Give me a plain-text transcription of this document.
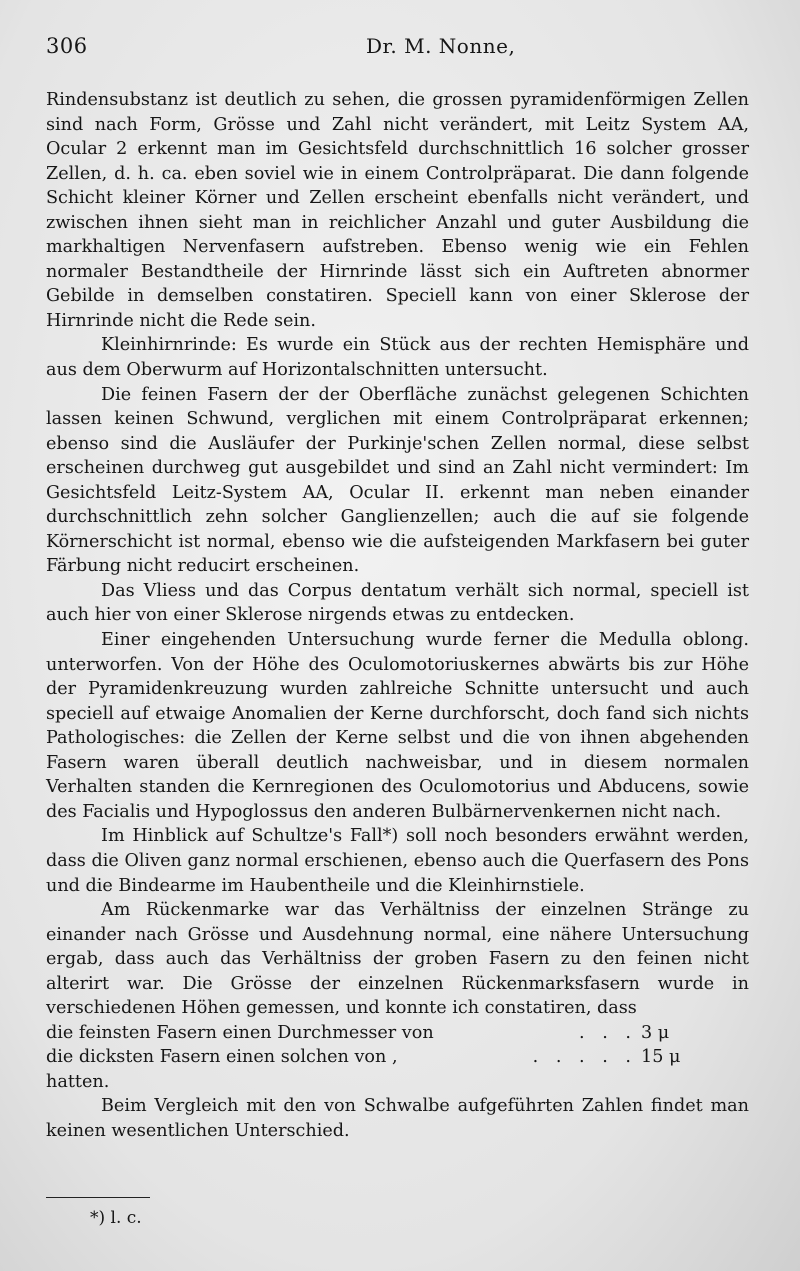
306	Dr. M. Nonne,

Rindensubstanz ist deutlich zu sehen, die grossen pyramidenförmigen Zellen sind nach Form, Grösse und Zahl nicht verändert, mit Leitz System AA, Ocular 2 erkennt man im Gesichtsfeld durchschnittlich 16 solcher grosser Zellen, d. h. ca. eben soviel wie in einem Controlpräparat. Die dann folgende Schicht kleiner Körner und Zellen erscheint ebenfalls nicht verändert, und zwischen ihnen sieht man in reichlicher Anzahl und guter Ausbildung die markhaltigen Nervenfasern aufstreben. Ebenso wenig wie ein Fehlen normaler Bestandtheile der Hirnrinde lässt sich ein Auftreten abnormer Gebilde in demselben constatiren. Speciell kann von einer Sklerose der Hirnrinde nicht die Rede sein.

Kleinhirnrinde: Es wurde ein Stück aus der rechten Hemisphäre und aus dem Oberwurm auf Horizontalschnitten untersucht.

Die feinen Fasern der der Oberfläche zunächst gelegenen Schichten lassen keinen Schwund, verglichen mit einem Controlpräparat erkennen; ebenso sind die Ausläufer der Purkinje'schen Zellen normal, diese selbst erscheinen durchweg gut ausgebildet und sind an Zahl nicht vermindert: Im Gesichtsfeld Leitz-System AA, Ocular II. erkennt man neben einander durchschnittlich zehn solcher Ganglienzellen; auch die auf sie folgende Körnerschicht ist normal, ebenso wie die aufsteigenden Markfasern bei guter Färbung nicht reducirt erscheinen.

Das Vliess und das Corpus dentatum verhält sich normal, speciell ist auch hier von einer Sklerose nirgends etwas zu entdecken.

Einer eingehenden Untersuchung wurde ferner die Medulla oblong. unterworfen. Von der Höhe des Oculomotoriuskernes abwärts bis zur Höhe der Pyramidenkreuzung wurden zahlreiche Schnitte untersucht und auch speciell auf etwaige Anomalien der Kerne durchforscht, doch fand sich nichts Pathologisches: die Zellen der Kerne selbst und die von ihnen abgehenden Fasern waren überall deutlich nachweisbar, und in diesem normalen Verhalten standen die Kernregionen des Oculomotorius und Abducens, sowie des Facialis und Hypoglossus den anderen Bulbärnervenkernen nicht nach.

Im Hinblick auf Schultze's Fall*) soll noch besonders erwähnt werden, dass die Oliven ganz normal erschienen, ebenso auch die Querfasern des Pons und die Bindearme im Haubentheile und die Kleinhirnstiele.

Am Rückenmarke war das Verhältniss der einzelnen Stränge zu einander nach Grösse und Ausdehnung normal, eine nähere Untersuchung ergab, dass auch das Verhältniss der groben Fasern zu den feinen nicht alterirt war. Die Grösse der einzelnen Rückenmarksfasern wurde in verschiedenen Höhen gemessen, und konnte ich constatiren, dass

die feinsten Fasern einen Durchmesser von	. . . 3 μ

die dicksten Fasern einen solchen von ,	. . . . . 15 μ

hatten.

Beim Vergleich mit den von Schwalbe aufgeführten Zahlen findet man keinen wesentlichen Unterschied.

*) l. c.
